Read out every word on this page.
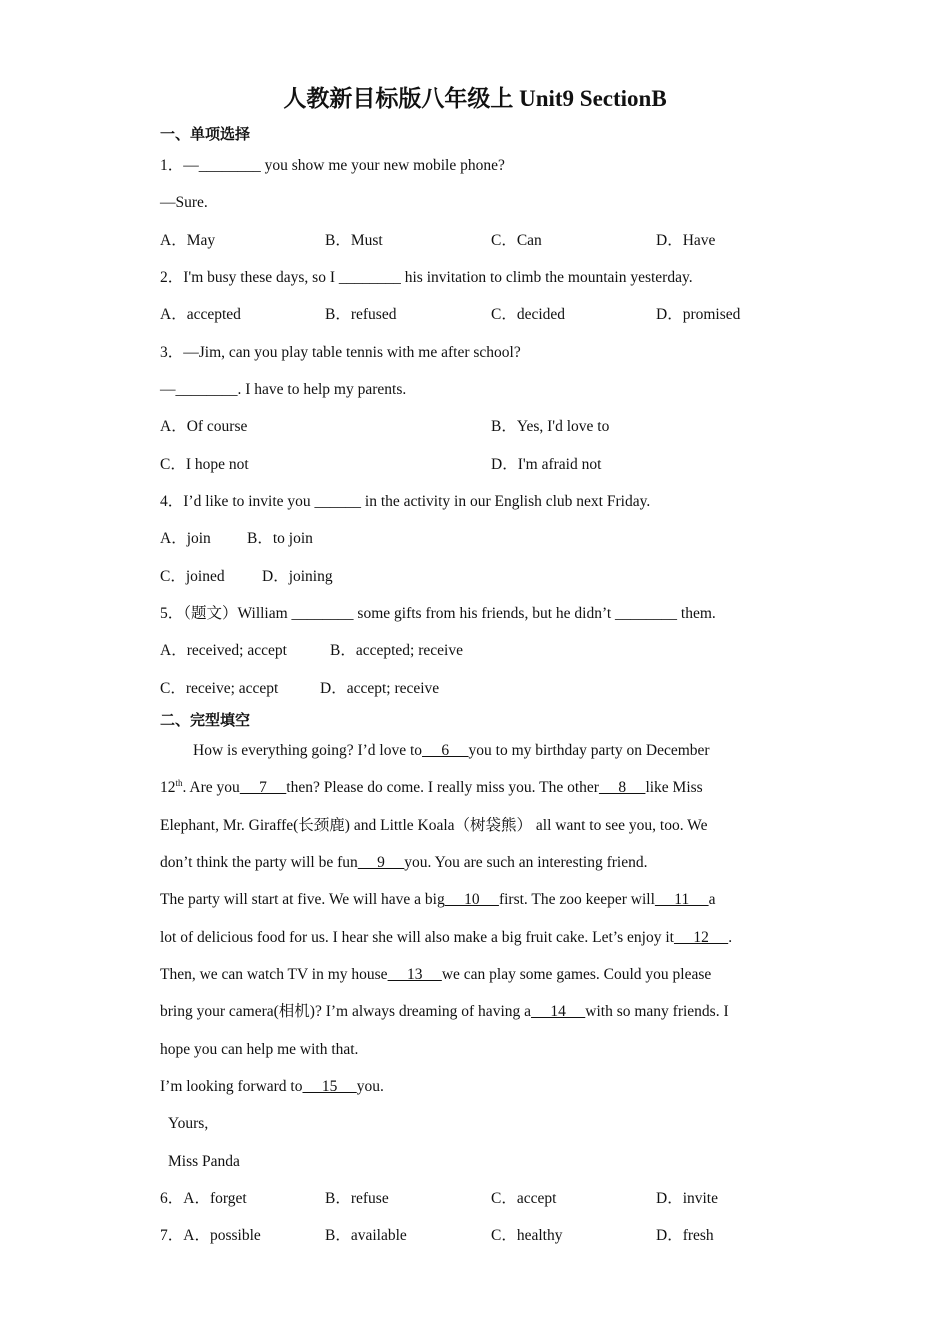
人教新目标版八年级上 Unit9 SectionB
一、单项选择
1．—________ you show me your new mobile phone?
—Sure.
A．May	B．Must	C．Can	D．Have
2．I'm busy these days, so I ________ his invitation to climb the mountain yesterday.
A．accepted	B．refused	C．decided	D．promised
3．—Jim, can you play table tennis with me after school?
—________. I have to help my parents.
A．Of course	B．Yes, I'd love to
C．I hope not	D．I'm afraid not
4．I’d like to invite you ______ in the activity in our English club next Friday.
A．join B．to join
C．joined D．joining
5．（题文）William ________ some gifts from his friends, but he didn’t ________ them.
A．received; accept	B．accepted; receive
C．receive; accept	D．accept; receive
二、完型填空
How is everything going? I’d love to     6     you to my birthday party on December
12th. Are you     7     then? Please do come. I really miss you. The other     8     like Miss
Elephant, Mr. Giraffe(长颈鹿) and Little Koala（树袋熊） all want to see you, too. We
don’t think the party will be fun     9     you. You are such an interesting friend.
The party will start at five. We will have a big     10     first. The zoo keeper will     11     a
lot of delicious food for us. I hear she will also make a big fruit cake. Let’s enjoy it     12     .
Then, we can watch TV in my house     13     we can play some games. Could you please
bring your camera(相机)? I’m always dreaming of having a     14     with so many friends. I
hope you can help me with that.
I’m looking forward to     15     you.
Yours,
Miss Panda
6．A．forget	B．refuse	C．accept	D．invite
7．A．possible	B．available	C．healthy	D．fresh
